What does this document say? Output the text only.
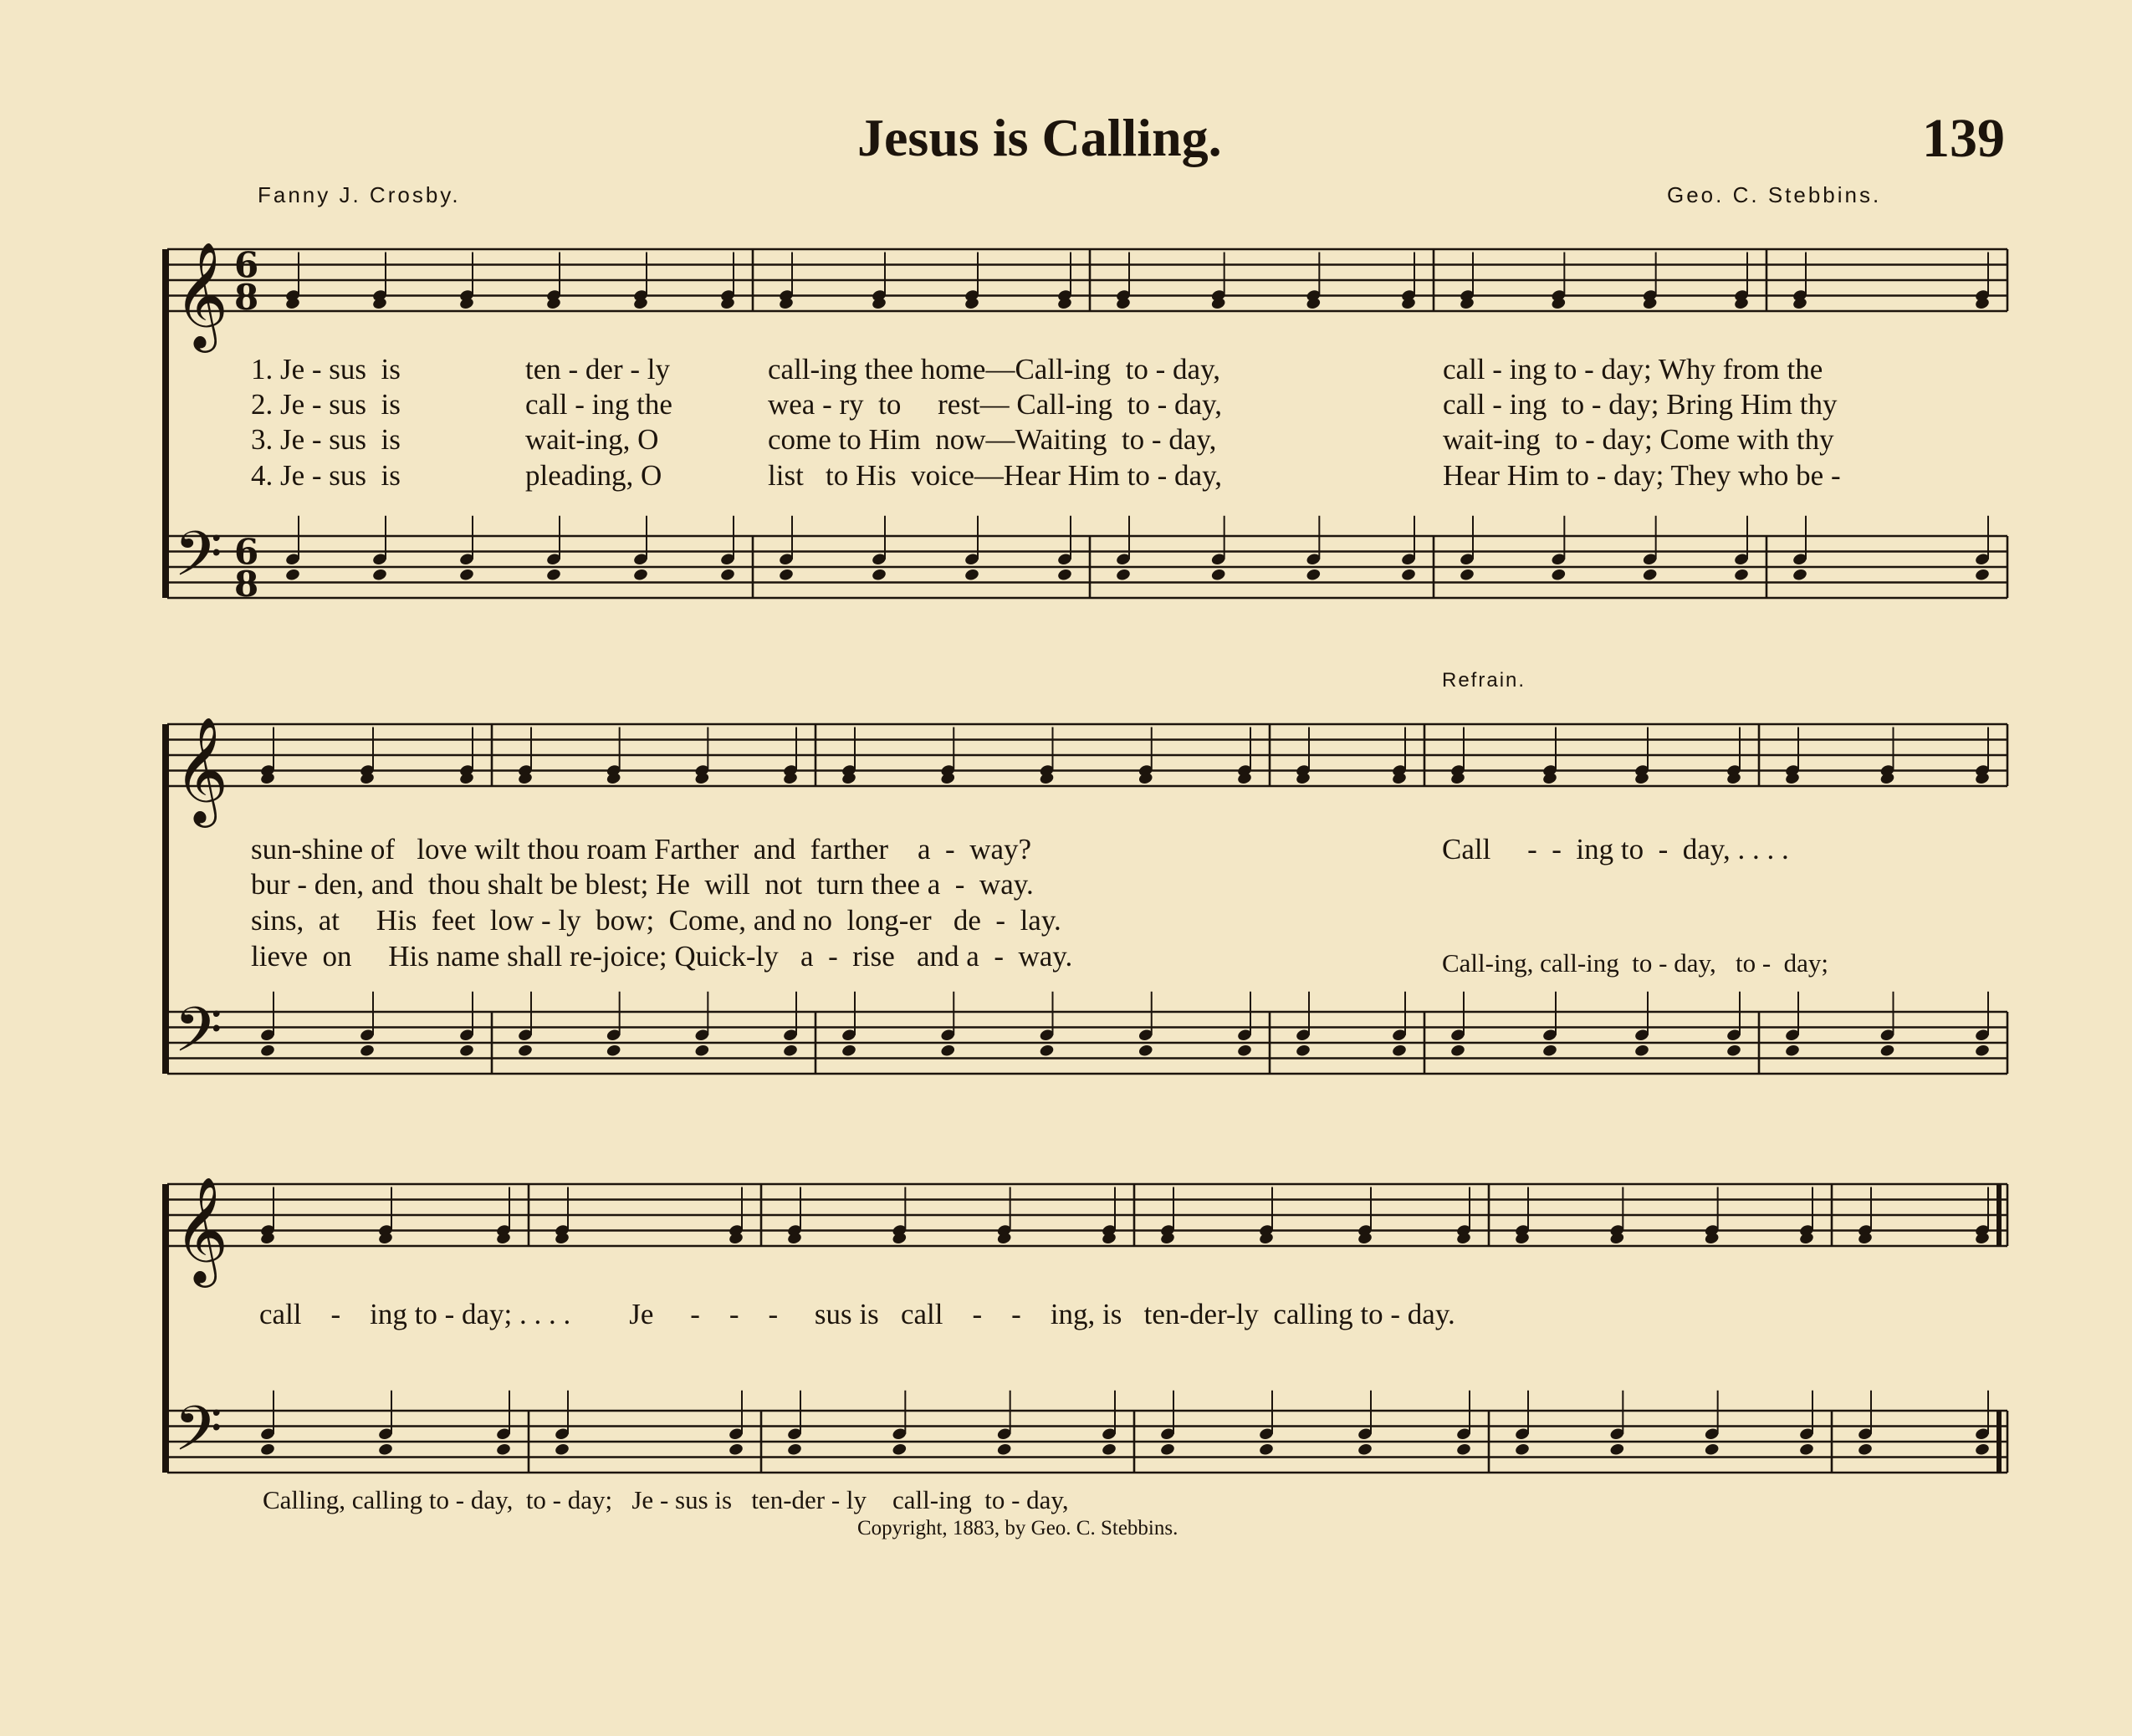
Jesus is Calling.	139
Fanny J. Crosby.	Geo. C. Stebbins.
𝄞
𝄢
6
8
6
8
𝄞
𝄢
𝄞
𝄢
1. Je - sus  is	ten - der - ly	call-ing thee home—Call-ing  to - day,	call - ing to - day; Why from the
2. Je - sus  is	call - ing the	wea - ry  to     rest— Call-ing  to - day,	call - ing  to - day; Bring Him thy
3. Je - sus  is	wait-ing, O	come to Him  now—Waiting  to - day,	wait-ing  to - day; Come with thy
4. Je - sus  is	pleading, O	list   to His  voice—Hear Him to - day,	Hear Him to - day; They who be -
Refrain.
sun-shine of   love wilt thou roam Farther  and  farther    a  -  way?
bur - den, and  thou shalt be blest; He  will  not  turn thee a  -  way.
sins,  at     His  feet  low - ly  bow;  Come, and no  long-er   de  -  lay.
lieve  on     His name shall re-joice; Quick-ly   a  -  rise   and a  -  way.
Call     -  -  ing to  -  day, . . . .
Call-ing, call-ing  to - day,   to -  day;
call    -    ing to - day; . . . .        Je     -    -    -     sus is   call    -    -    ing, is   ten-der-ly  calling to - day.
Calling, calling to - day,  to - day;   Je - sus is   ten-der - ly    call-ing  to - day,
Copyright, 1883, by Geo. C. Stebbins.
